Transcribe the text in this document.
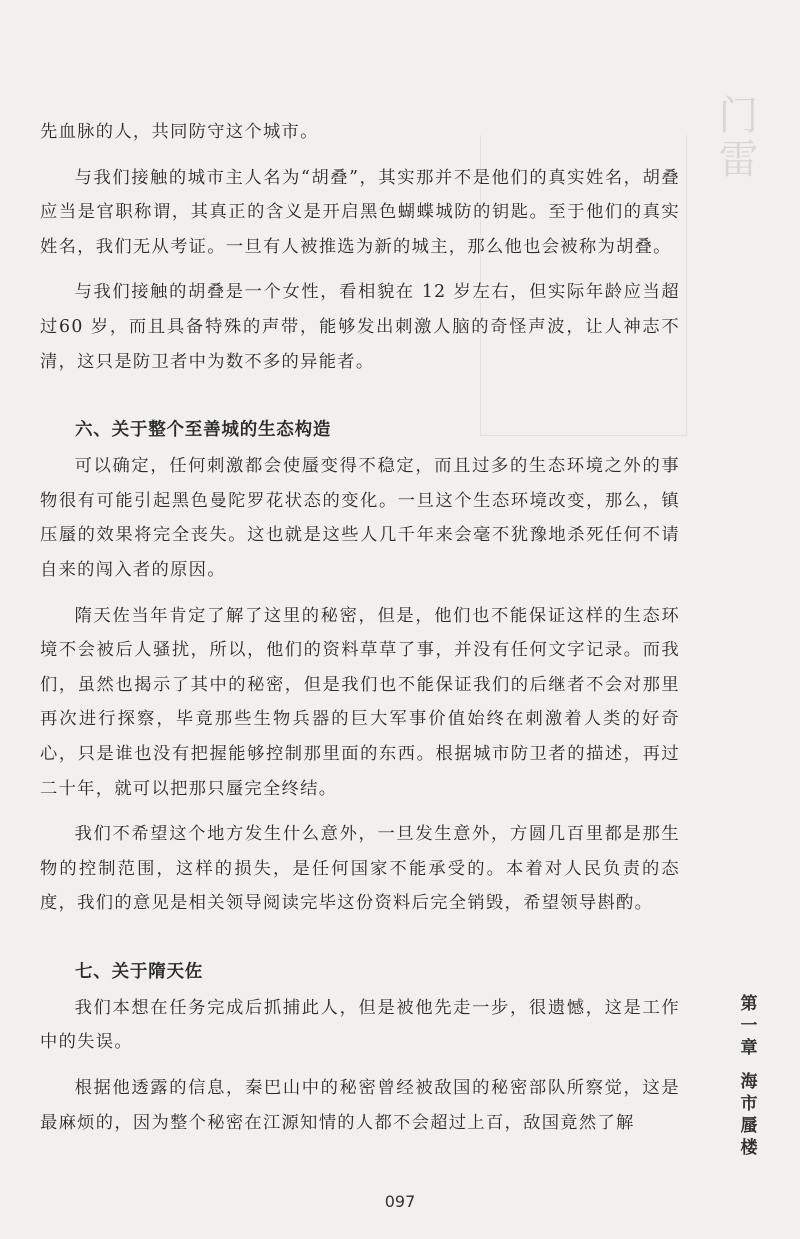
门雷

先血脉的人，共同防守这个城市。

与我们接触的城市主人名为“胡叠”，其实那并不是他们的真实姓名，胡叠应当是官职称谓，其真正的含义是开启黑色蝴蝶城防的钥匙。至于他们的真实姓名，我们无从考证。一旦有人被推选为新的城主，那么他也会被称为胡叠。

与我们接触的胡叠是一个女性，看相貌在 12 岁左右，但实际年龄应当超过60 岁，而且具备特殊的声带，能够发出刺激人脑的奇怪声波，让人神志不清，这只是防卫者中为数不多的异能者。

六、关于整个至善城的生态构造

可以确定，任何刺激都会使蜃变得不稳定，而且过多的生态环境之外的事物很有可能引起黑色曼陀罗花状态的变化。一旦这个生态环境改变，那么，镇压蜃的效果将完全丧失。这也就是这些人几千年来会毫不犹豫地杀死任何不请自来的闯入者的原因。

隋天佐当年肯定了解了这里的秘密，但是，他们也不能保证这样的生态环境不会被后人骚扰，所以，他们的资料草草了事，并没有任何文字记录。而我们，虽然也揭示了其中的秘密，但是我们也不能保证我们的后继者不会对那里再次进行探察，毕竟那些生物兵器的巨大军事价值始终在刺激着人类的好奇心，只是谁也没有把握能够控制那里面的东西。根据城市防卫者的描述，再过二十年，就可以把那只蜃完全终结。

我们不希望这个地方发生什么意外，一旦发生意外，方圆几百里都是那生物的控制范围，这样的损失，是任何国家不能承受的。本着对人民负责的态度，我们的意见是相关领导阅读完毕这份资料后完全销毁，希望领导斟酌。

七、关于隋天佐

我们本想在任务完成后抓捕此人，但是被他先走一步，很遗憾，这是工作中的失误。

根据他透露的信息，秦巴山中的秘密曾经被敌国的秘密部队所察觉，这是最麻烦的，因为整个秘密在江源知情的人都不会超过上百，敌国竟然了解

第
一
章
海
市
蜃
楼
097
